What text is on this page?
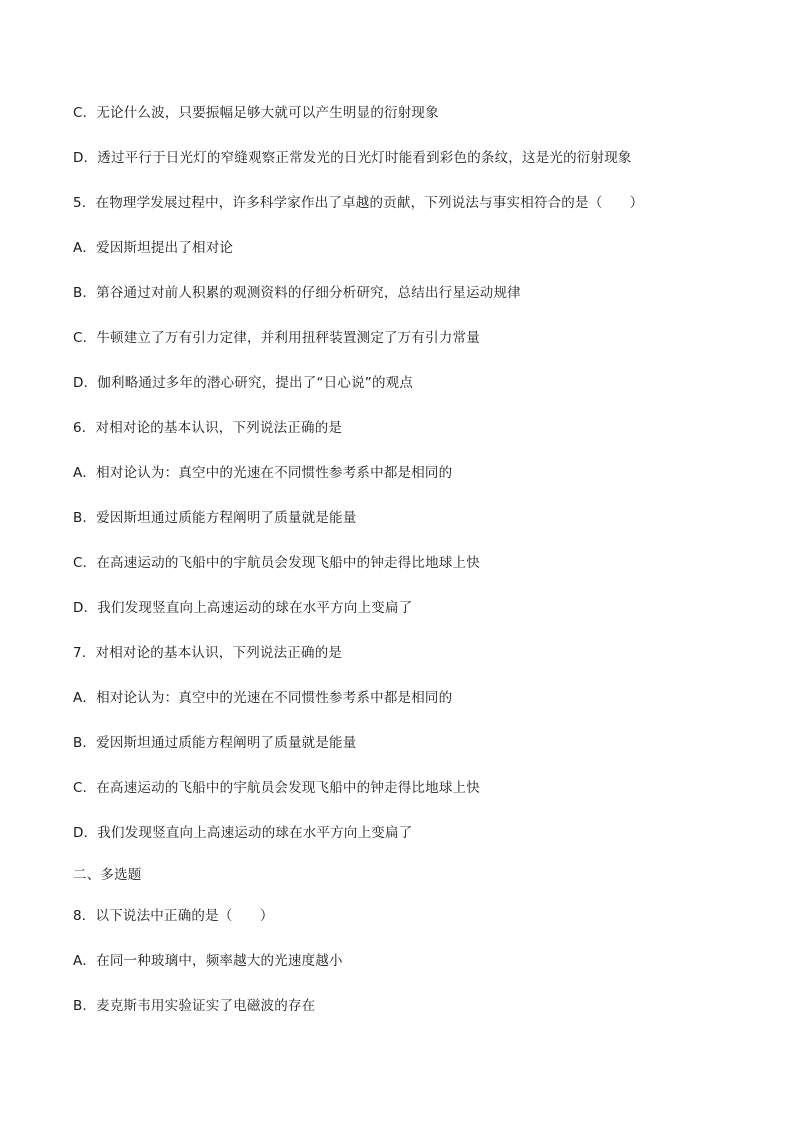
C．无论什么波，只要振幅足够大就可以产生明显的衍射现象
D．透过平行于日光灯的窄缝观察正常发光的日光灯时能看到彩色的条纹，这是光的衍射现象
5．在物理学发展过程中，许多科学家作出了卓越的贡献，下列说法与事实相符合的是（　　）
A．爱因斯坦提出了相对论
B．第谷通过对前人积累的观测资料的仔细分析研究，总结出行星运动规律
C．牛顿建立了万有引力定律，并利用扭秤装置测定了万有引力常量
D．伽利略通过多年的潜心研究，提出了“日心说”的观点
6．对相对论的基本认识，下列说法正确的是
A．相对论认为：真空中的光速在不同惯性参考系中都是相同的
B．爱因斯坦通过质能方程阐明了质量就是能量
C．在高速运动的飞船中的宇航员会发现飞船中的钟走得比地球上快
D．我们发现竖直向上高速运动的球在水平方向上变扁了
7．对相对论的基本认识，下列说法正确的是
A．相对论认为：真空中的光速在不同惯性参考系中都是相同的
B．爱因斯坦通过质能方程阐明了质量就是能量
C．在高速运动的飞船中的宇航员会发现飞船中的钟走得比地球上快
D．我们发现竖直向上高速运动的球在水平方向上变扁了
二、多选题
8．以下说法中正确的是（　　）
A．在同一种玻璃中，频率越大的光速度越小
B．麦克斯韦用实验证实了电磁波的存在
